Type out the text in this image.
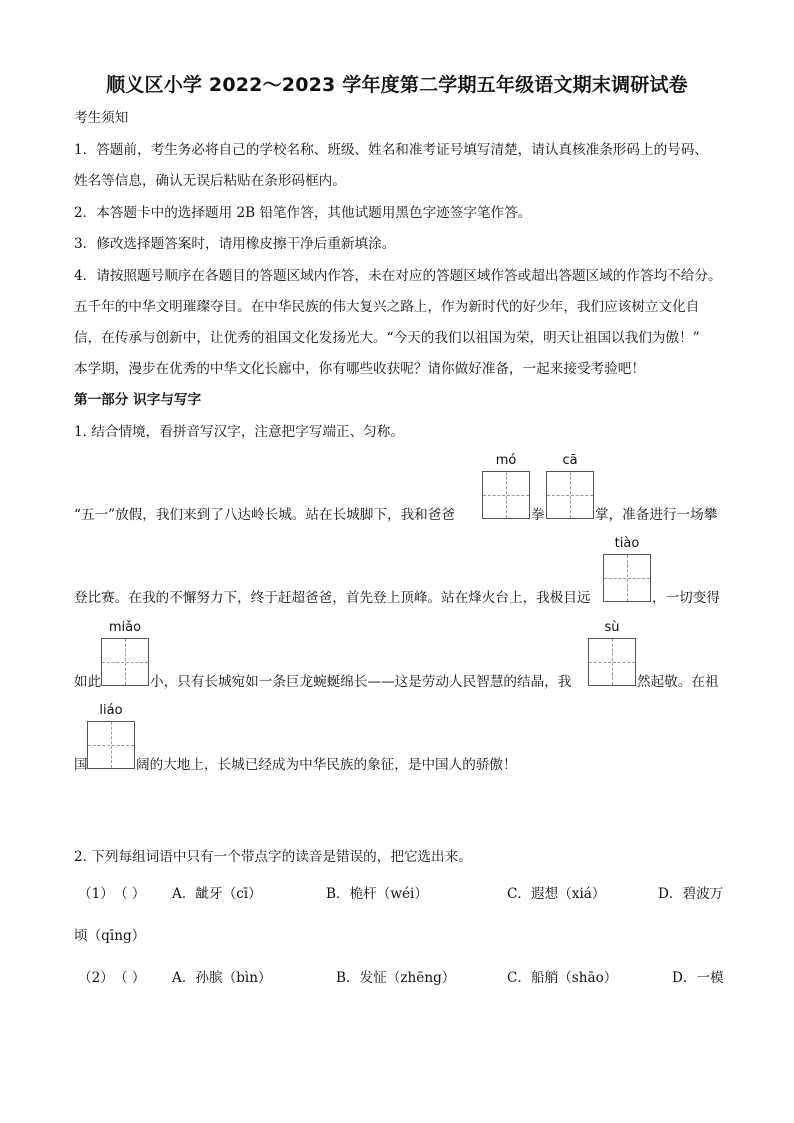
顺义区小学 2022～2023 学年度第二学期五年级语文期末调研试卷
考生须知
1．答题前，考生务必将自己的学校名称、班级、姓名和准考证号填写清楚，请认真核准条形码上的号码、
姓名等信息，确认无误后粘贴在条形码框内。
2．本答题卡中的选择题用 2B 铅笔作答，其他试题用黑色字迹签字笔作答。
3．修改选择题答案时，请用橡皮擦干净后重新填涂。
4．请按照题号顺序在各题目的答题区域内作答，未在对应的答题区域作答或超出答题区域的作答均不给分。
五千年的中华文明璀璨夺目。在中华民族的伟大复兴之路上，作为新时代的好少年，我们应该树立文化自
信，在传承与创新中，让优秀的祖国文化发扬光大。“今天的我们以祖国为荣，明天让祖国以我们为傲！”
本学期，漫步在优秀的中华文化长廊中，你有哪些收获呢？请你做好准备，一起来接受考验吧！
第一部分 识字与写字
1. 结合情境，看拼音写汉字，注意把字写端正、匀称。
mó	cā
“五一”放假，我们来到了八达岭长城。站在长城脚下，我和爸爸	拳	掌，准备进行一场攀
tiào
登比赛。在我的不懈努力下，终于赶超爸爸，首先登上顶峰。站在烽火台上，我极目远	，一切变得
miǎo	sù
如此	小，只有长城宛如一条巨龙蜿蜒绵长——这是劳动人民智慧的结晶，我	然起敬。在祖
liáo
国	阔的大地上，长城已经成为中华民族的象征，是中国人的骄傲！
2. 下列每组词语中只有一个带点字的读音是错误的，把它选出来。
（1） （ ） A．龇牙（cī）	B．桅杆（wéi）	C．遐想（xiá）	D．碧波万
顷（qīng）
（2） （ ） A．孙膑（bìn）	B．发怔（zhēng）	C．船艄（shāo）	D．一模
